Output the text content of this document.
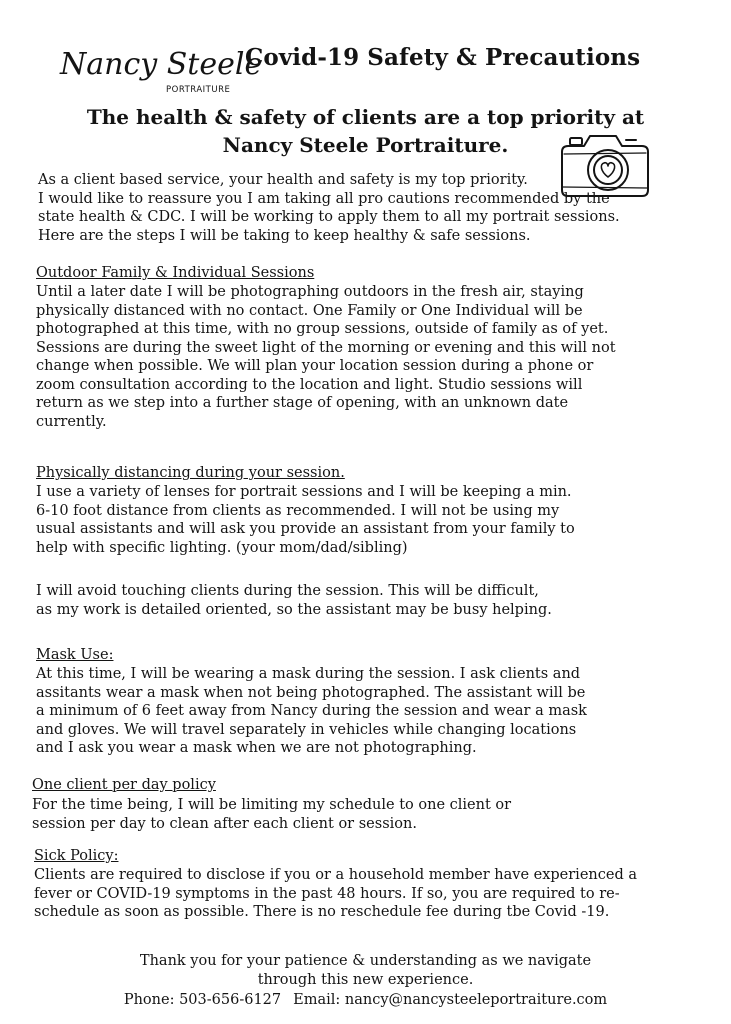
Nancy Steele
PORTRAITURE
Covid-19 Safety & Precautions
The health & safety of clients are a top priority at
Nancy Steele Portraiture.
As a client based service, your health and safety is my top priority.
I would like to reassure you I am taking all pro cautions recommended by the
state health & CDC. I will be working to apply them to all my portrait sessions.
Here are the steps I will be taking to keep healthy & safe sessions.
Outdoor Family & Individual Sessions
Until a later date I will be photographing outdoors in the fresh air, staying
physically distanced with no contact. One Family or One Individual will be
photographed at this time, with no group sessions, outside of family as of yet.
Sessions are during the sweet light of the morning or evening and this will not
change when possible. We will plan your location session during a phone or
zoom consultation according to the location and light. Studio sessions will
return as we step into a further stage of opening, with an unknown date
currently.
Physically distancing during your session.
I use a variety of lenses for portrait sessions and I will be keeping a min.
6-10 foot distance from clients as recommended. I will not be using my
usual assistants and will ask you provide an assistant from your family to
help with specific lighting. (your mom/dad/sibling)
I will avoid touching clients during the session. This will be difficult,
as my work is detailed oriented, so the assistant may be busy helping.
Mask Use:
At this time, I will be wearing a mask during the session. I ask clients and
assitants wear a mask when not being photographed. The assistant will be
a minimum of 6 feet away from Nancy during the session and wear a mask
and gloves. We will travel separately in vehicles while changing locations
and I ask you wear a mask when we are not photographing.
One client per day policy
For the time being, I will be limiting my schedule to one client or
session per day to clean after each client or session.
Sick Policy:
Clients are required to disclose if you or a household member have experienced a
fever or COVID-19 symptoms in the past 48 hours. If so, you are required to re-
schedule as soon as possible. There is no reschedule fee during tbe Covid -19.
Thank you for your patience & understanding as we navigate
through this new experience.
Phone: 503-656-6127 Email: nancy@nancysteeleportraiture.com
